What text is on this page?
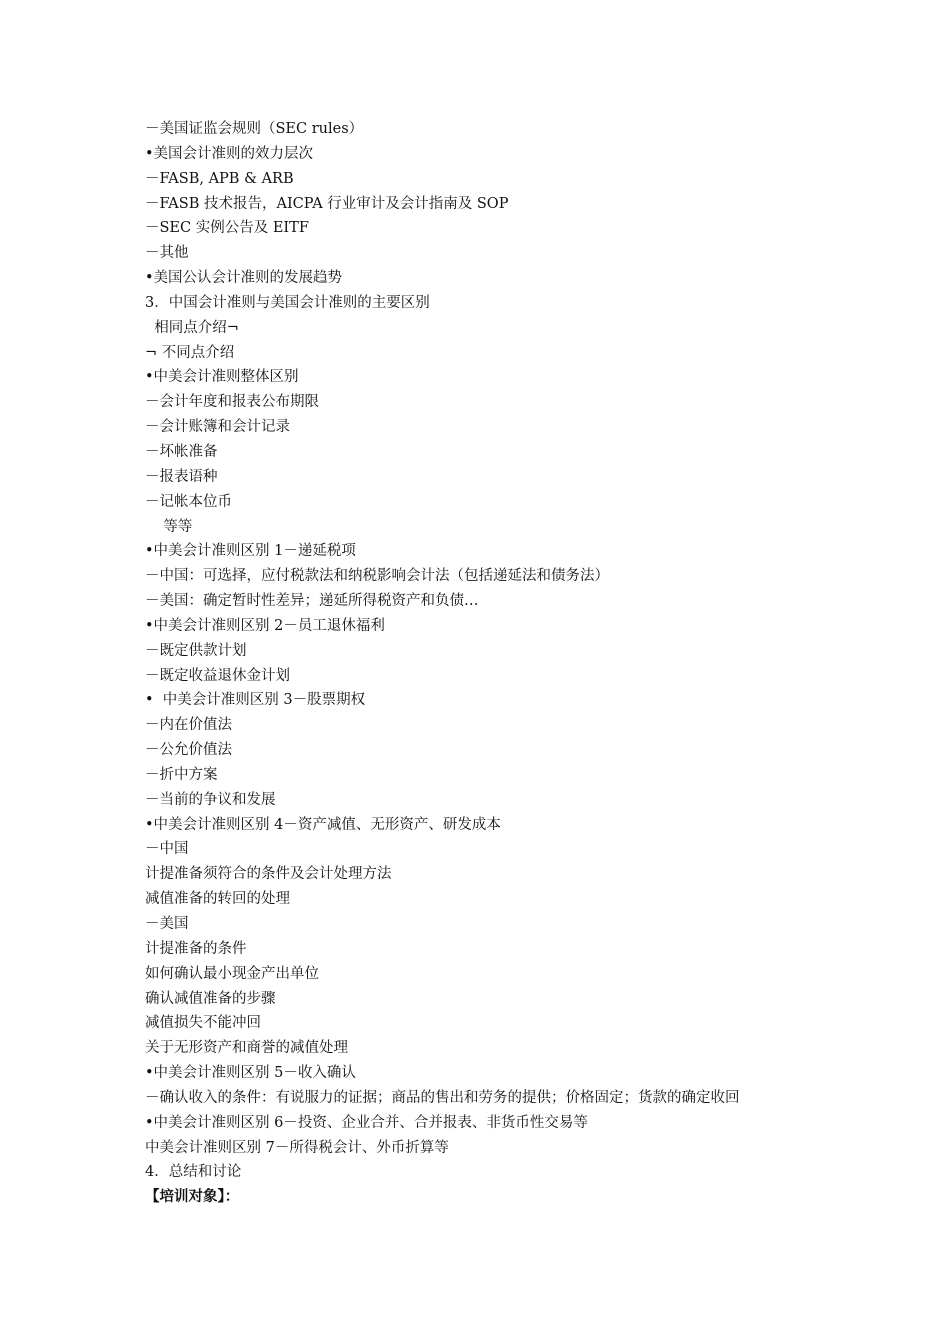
－美国证监会规则（SEC rules）
•美国会计准则的效力层次
－FASB, APB & ARB
－FASB 技术报告，AICPA 行业审计及会计指南及 SOP
－SEC 实例公告及 EITF
－其他
•美国公认会计准则的发展趋势
3．中国会计准则与美国会计准则的主要区别
相同点介绍¬
¬ 不同点介绍
•中美会计准则整体区别
－会计年度和报表公布期限
－会计账簿和会计记录
－坏帐准备
－报表语种
－记帐本位币
等等
•中美会计准则区别 1－递延税项
－中国：可选择，应付税款法和纳税影响会计法（包括递延法和债务法）
－美国：确定暂时性差异；递延所得税资产和负债…
•中美会计准则区别 2－员工退休福利
－既定供款计划
－既定收益退休金计划
•  中美会计准则区别 3－股票期权
－内在价值法
－公允价值法
－折中方案
－当前的争议和发展
•中美会计准则区别 4－资产减值、无形资产、研发成本
－中国
计提准备须符合的条件及会计处理方法
减值准备的转回的处理
－美国
计提准备的条件
如何确认最小现金产出单位
确认减值准备的步骤
减值损失不能冲回
关于无形资产和商誉的减值处理
•中美会计准则区别 5－收入确认
－确认收入的条件：有说服力的证据；商品的售出和劳务的提供；价格固定；货款的确定收回
•中美会计准则区别 6－投资、企业合并、合并报表、非货币性交易等
中美会计准则区别 7－所得税会计、外币折算等
4．总结和讨论
【培训对象】：
